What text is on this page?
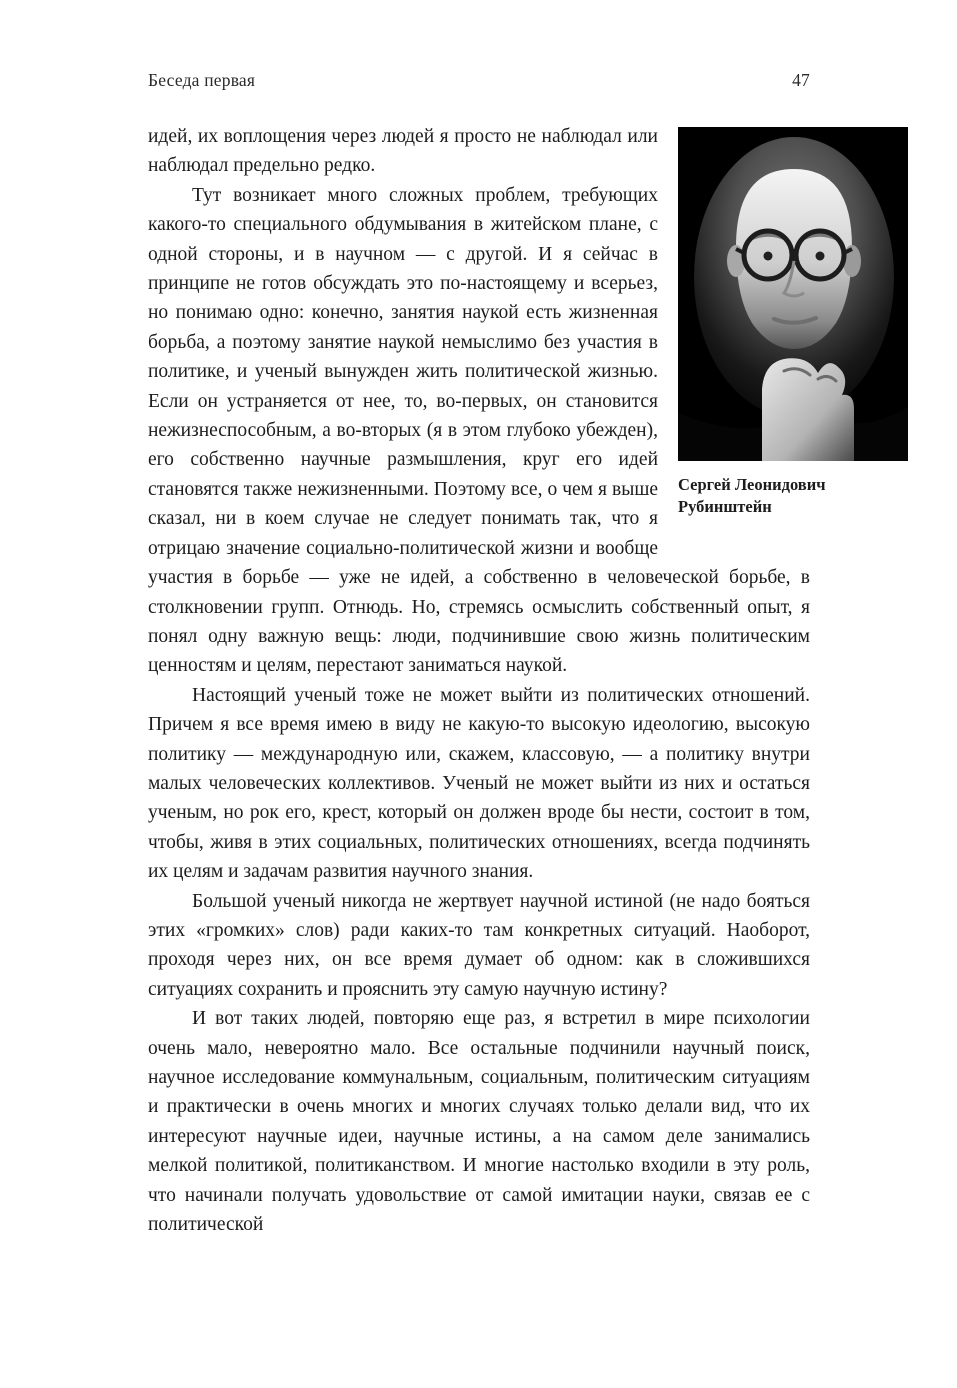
Беседа первая	47
Сергей Леонидович Рубинштейн

идей, их воплощения через людей я просто не наблюдал или наблюдал предельно редко.

Тут возникает много сложных проблем, требующих какого-то специального обдумывания в житейском плане, с одной стороны, и в научном — с другой. И я сейчас в принципе не готов обсуждать это по-настоящему и всерьез, но понимаю одно: конечно, занятия наукой есть жизненная борьба, а поэтому занятие наукой немыслимо без участия в политике, и ученый вынужден жить политической жизнью. Если он устраняется от нее, то, во-первых, он становится нежизнеспособным, а во-вторых (я в этом глубоко убежден), его собственно научные размышления, круг его идей становятся также нежизненными. Поэтому все, о чем я выше сказал, ни в коем случае не следует понимать так, что я отрицаю значение социально-политической жизни и вообще участия в борьбе — уже не идей, а собственно в человеческой борьбе, в столкновении групп. Отнюдь. Но, стремясь осмыслить собственный опыт, я понял одну важную вещь: люди, подчинившие свою жизнь политическим ценностям и целям, перестают заниматься наукой.

Настоящий ученый тоже не может выйти из политических отношений. Причем я все время имею в виду не какую-то высокую идеологию, высокую политику — международную или, скажем, классовую, — а политику внутри малых человеческих коллективов. Ученый не может выйти из них и остаться ученым, но рок его, крест, который он должен вроде бы нести, состоит в том, чтобы, живя в этих социальных, политических отношениях, всегда подчинять их целям и задачам развития научного знания.

Большой ученый никогда не жертвует научной истиной (не надо бояться этих «громких» слов) ради каких-то там конкретных ситуаций. Наоборот, проходя через них, он все время думает об одном: как в сложившихся ситуациях сохранить и прояснить эту самую научную истину?

И вот таких людей, повторяю еще раз, я встретил в мире психологии очень мало, невероятно мало. Все остальные подчинили научный поиск, научное исследование коммунальным, социальным, политическим ситуациям и практически в очень многих и многих случаях только делали вид, что их интересуют научные идеи, научные истины, а на самом деле занимались мелкой политикой, политиканством. И многие настолько входили в эту роль, что начинали получать удовольствие от самой имитации науки, связав ее с политической
